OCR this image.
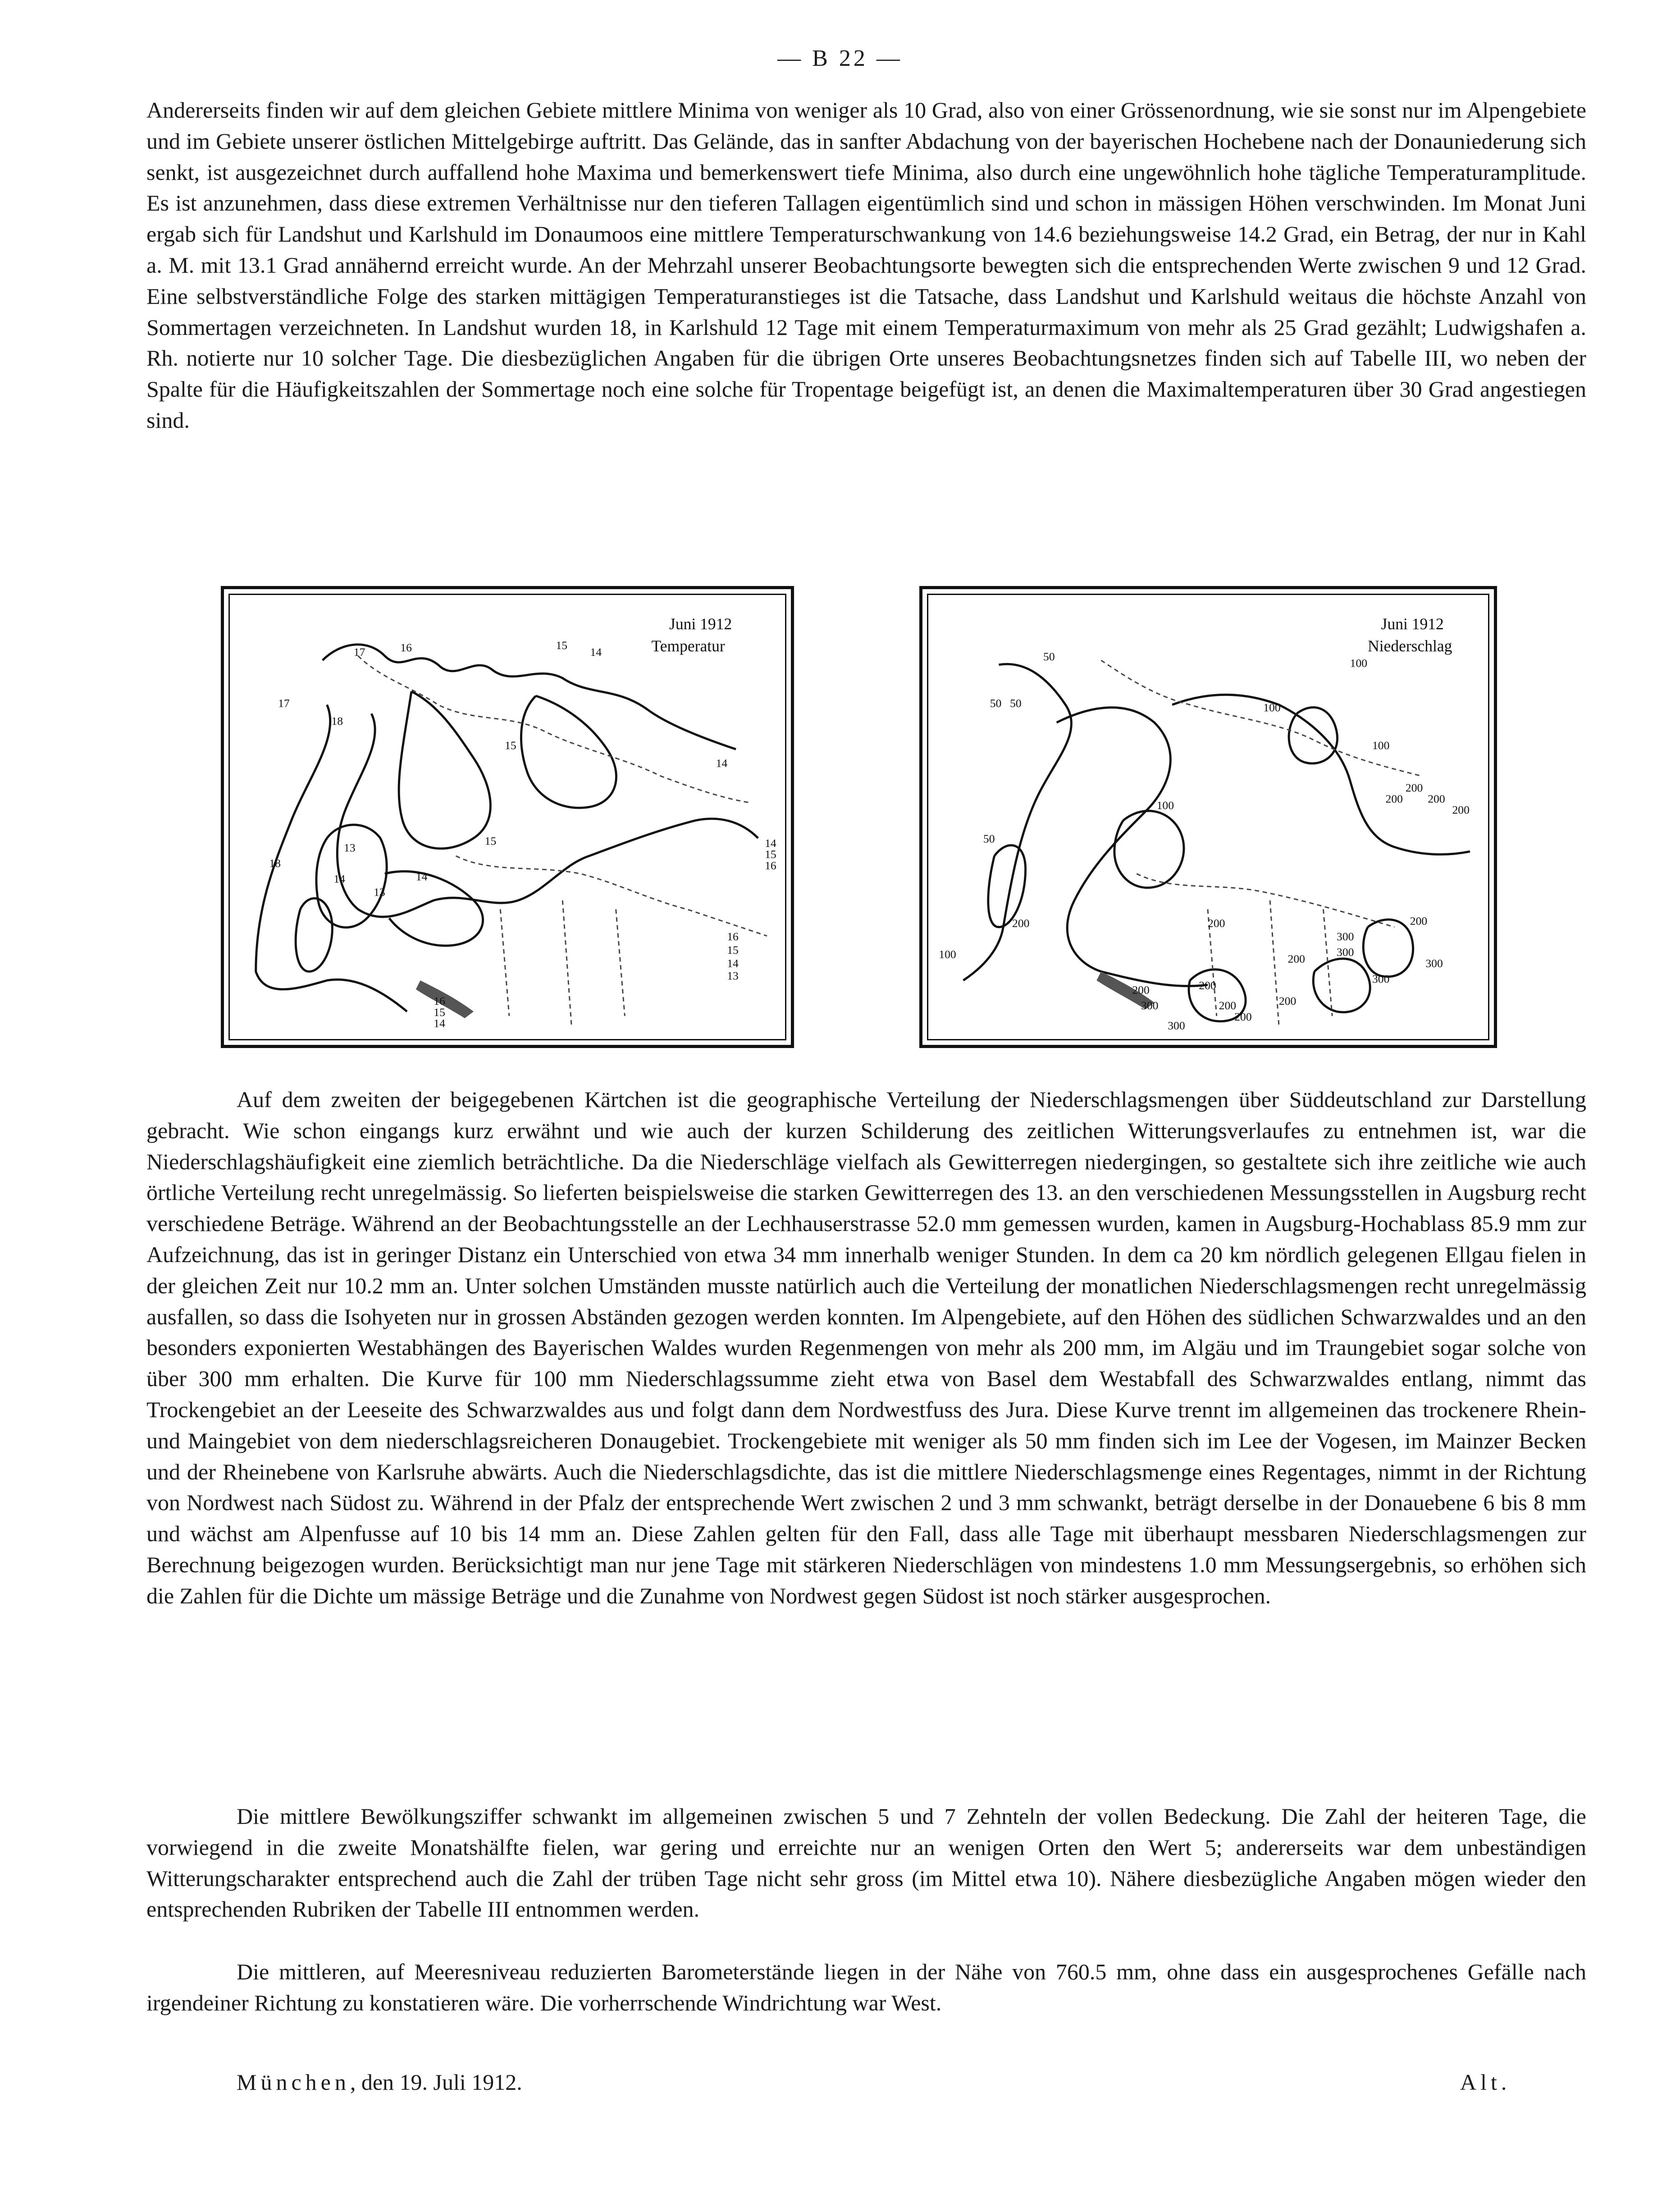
— B 22 —

Andererseits finden wir auf dem gleichen Gebiete mittlere Minima von weniger als 10 Grad, also von einer Grössenordnung, wie sie sonst nur im Alpengebiete und im Gebiete unserer östlichen Mittelgebirge auftritt. Das Gelände, das in sanfter Abdachung von der bayerischen Hochebene nach der Donauniederung sich senkt, ist ausgezeichnet durch auffallend hohe Maxima und bemerkenswert tiefe Minima, also durch eine ungewöhnlich hohe tägliche Temperaturamplitude. Es ist anzunehmen, dass diese extremen Verhältnisse nur den tieferen Tallagen eigentümlich sind und schon in mässigen Höhen verschwinden. Im Monat Juni ergab sich für Landshut und Karlshuld im Donaumoos eine mittlere Temperaturschwankung von 14.6 beziehungsweise 14.2 Grad, ein Betrag, der nur in Kahl a. M. mit 13.1 Grad annähernd erreicht wurde. An der Mehrzahl unserer Beobachtungsorte bewegten sich die entsprechenden Werte zwischen 9 und 12 Grad. Eine selbstverständliche Folge des starken mittägigen Temperaturanstieges ist die Tatsache, dass Landshut und Karlshuld weitaus die höchste Anzahl von Sommertagen verzeichneten. In Landshut wurden 18, in Karlshuld 12 Tage mit einem Temperaturmaximum von mehr als 25 Grad gezählt; Ludwigshafen a. Rh. notierte nur 10 solcher Tage. Die diesbezüglichen Angaben für die übrigen Orte unseres Beobachtungsnetzes finden sich auf Tabelle III, wo neben der Spalte für die Häufigkeitszahlen der Sommertage noch eine solche für Tropentage beigefügt ist, an denen die Maximaltemperaturen über 30 Grad angestiegen sind.

Juni 1912
Temperatur
17	16	15
14
17
18
15
14
18
13
14
15
14
13
14
15
16
16
15
14
13
16
15
14
Juni 1912
Niederschlag
50
100
50 50	100
100
200
200 200
200
100
50
200
100
200	200
200
300
300
300
300
200	200
200
300
300
200
200

Auf dem zweiten der beigegebenen Kärtchen ist die geographische Verteilung der Niederschlagsmengen über Süddeutschland zur Darstellung gebracht. Wie schon eingangs kurz erwähnt und wie auch der kurzen Schilderung des zeitlichen Witterungsverlaufes zu entnehmen ist, war die Niederschlagshäufigkeit eine ziemlich beträchtliche. Da die Niederschläge vielfach als Gewitterregen niedergingen, so gestaltete sich ihre zeitliche wie auch örtliche Verteilung recht unregelmässig. So lieferten beispielsweise die starken Gewitterregen des 13. an den verschiedenen Messungsstellen in Augsburg recht verschiedene Beträge. Während an der Beobachtungsstelle an der Lechhauserstrasse 52.0 mm gemessen wurden, kamen in Augsburg-Hochablass 85.9 mm zur Aufzeichnung, das ist in geringer Distanz ein Unterschied von etwa 34 mm innerhalb weniger Stunden. In dem ca 20 km nördlich gelegenen Ellgau fielen in der gleichen Zeit nur 10.2 mm an. Unter solchen Umständen musste natürlich auch die Verteilung der monatlichen Niederschlagsmengen recht unregelmässig ausfallen, so dass die Isohyeten nur in grossen Abständen gezogen werden konnten. Im Alpengebiete, auf den Höhen des südlichen Schwarzwaldes und an den besonders exponierten Westabhängen des Bayerischen Waldes wurden Regenmengen von mehr als 200 mm, im Algäu und im Traungebiet sogar solche von über 300 mm erhalten. Die Kurve für 100 mm Niederschlagssumme zieht etwa von Basel dem Westabfall des Schwarzwaldes entlang, nimmt das Trockengebiet an der Leeseite des Schwarzwaldes aus und folgt dann dem Nordwestfuss des Jura. Diese Kurve trennt im allgemeinen das trockenere Rhein- und Maingebiet von dem niederschlagsreicheren Donaugebiet. Trockengebiete mit weniger als 50 mm finden sich im Lee der Vogesen, im Mainzer Becken und der Rheinebene von Karlsruhe abwärts. Auch die Niederschlagsdichte, das ist die mittlere Niederschlagsmenge eines Regentages, nimmt in der Richtung von Nordwest nach Südost zu. Während in der Pfalz der entsprechende Wert zwischen 2 und 3 mm schwankt, beträgt derselbe in der Donauebene 6 bis 8 mm und wächst am Alpenfusse auf 10 bis 14 mm an. Diese Zahlen gelten für den Fall, dass alle Tage mit überhaupt messbaren Niederschlagsmengen zur Berechnung beigezogen wurden. Berücksichtigt man nur jene Tage mit stärkeren Niederschlägen von mindestens 1.0 mm Messungsergebnis, so erhöhen sich die Zahlen für die Dichte um mässige Beträge und die Zunahme von Nordwest gegen Südost ist noch stärker ausgesprochen.

Die mittlere Bewölkungsziffer schwankt im allgemeinen zwischen 5 und 7 Zehnteln der vollen Bedeckung. Die Zahl der heiteren Tage, die vorwiegend in die zweite Monatshälfte fielen, war gering und erreichte nur an wenigen Orten den Wert 5; andererseits war dem unbeständigen Witterungscharakter entsprechend auch die Zahl der trüben Tage nicht sehr gross (im Mittel etwa 10). Nähere diesbezügliche Angaben mögen wieder den entsprechenden Rubriken der Tabelle III entnommen werden.

Die mittleren, auf Meeresniveau reduzierten Barometerstände liegen in der Nähe von 760.5 mm, ohne dass ein ausgesprochenes Gefälle nach irgendeiner Richtung zu konstatieren wäre. Die vorherrschende Windrichtung war West.

München, den 19. Juli 1912.	Alt.
